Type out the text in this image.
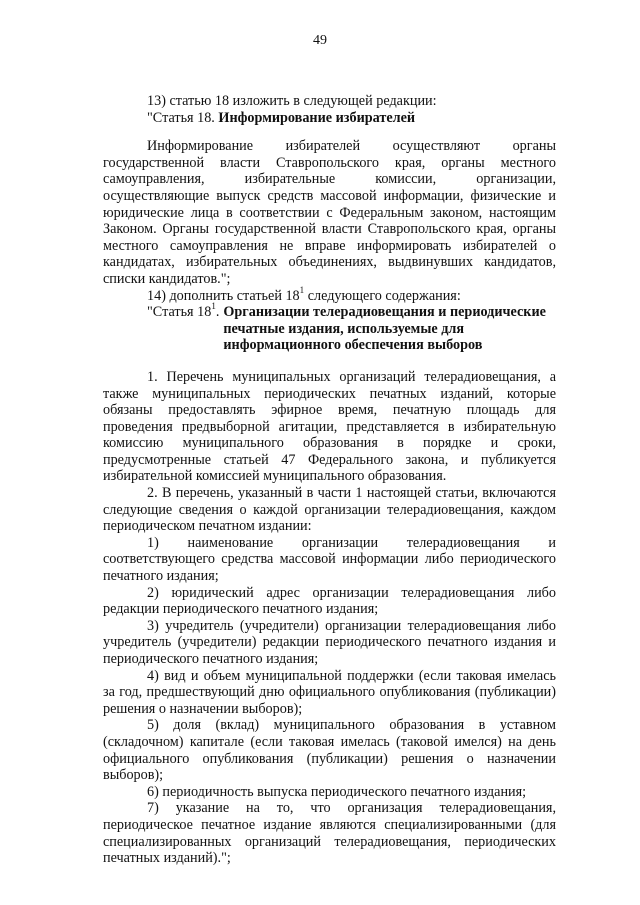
49

13) статью 18 изложить в следующей редакции:

"Статья 18. Информирование избирателей

Информирование избирателей осуществляют органы государственной власти Ставропольского края, органы местного самоуправления, избирательные комиссии, организации, осуществляющие выпуск средств массовой информации, физические и юридические лица в соответствии с Федеральным законом, настоящим Законом. Органы государственной власти Ставропольского края, органы местного самоуправления не вправе информировать избирателей о кандидатах, избирательных объединениях, выдвинувших кандидатов, списки кандидатов.";

14) дополнить статьей $18^1$ следующего содержания:

"Статья $18^1$. Организации телерадиовещания и периодические печатные издания, используемые для информационного обеспечения выборов

1. Перечень муниципальных организаций телерадиовещания, а также муниципальных периодических печатных изданий, которые обязаны предоставлять эфирное время, печатную площадь для проведения предвыборной агитации, представляется в избирательную комиссию муниципального образования в порядке и сроки, предусмотренные статьей 47 Федерального закона, и публикуется избирательной комиссией муниципального образования.

2. В перечень, указанный в части 1 настоящей статьи, включаются следующие сведения о каждой организации телерадиовещания, каждом периодическом печатном издании:

1) наименование организации телерадиовещания и соответствующего средства массовой информации либо периодического печатного издания;

2) юридический адрес организации телерадиовещания либо редакции периодического печатного издания;

3) учредитель (учредители) организации телерадиовещания либо учредитель (учредители) редакции периодического печатного издания и периодического печатного издания;

4) вид и объем муниципальной поддержки (если таковая имелась за год, предшествующий дню официального опубликования (публикации) решения о назначении выборов);

5) доля (вклад) муниципального образования в уставном (складочном) капитале (если таковая имелась (таковой имелся) на день официального опубликования (публикации) решения о назначении выборов);

6) периодичность выпуска периодического печатного издания;

7) указание на то, что организация телерадиовещания, периодическое печатное издание являются специализированными (для специализированных организаций телерадиовещания, периодических печатных изданий).";
